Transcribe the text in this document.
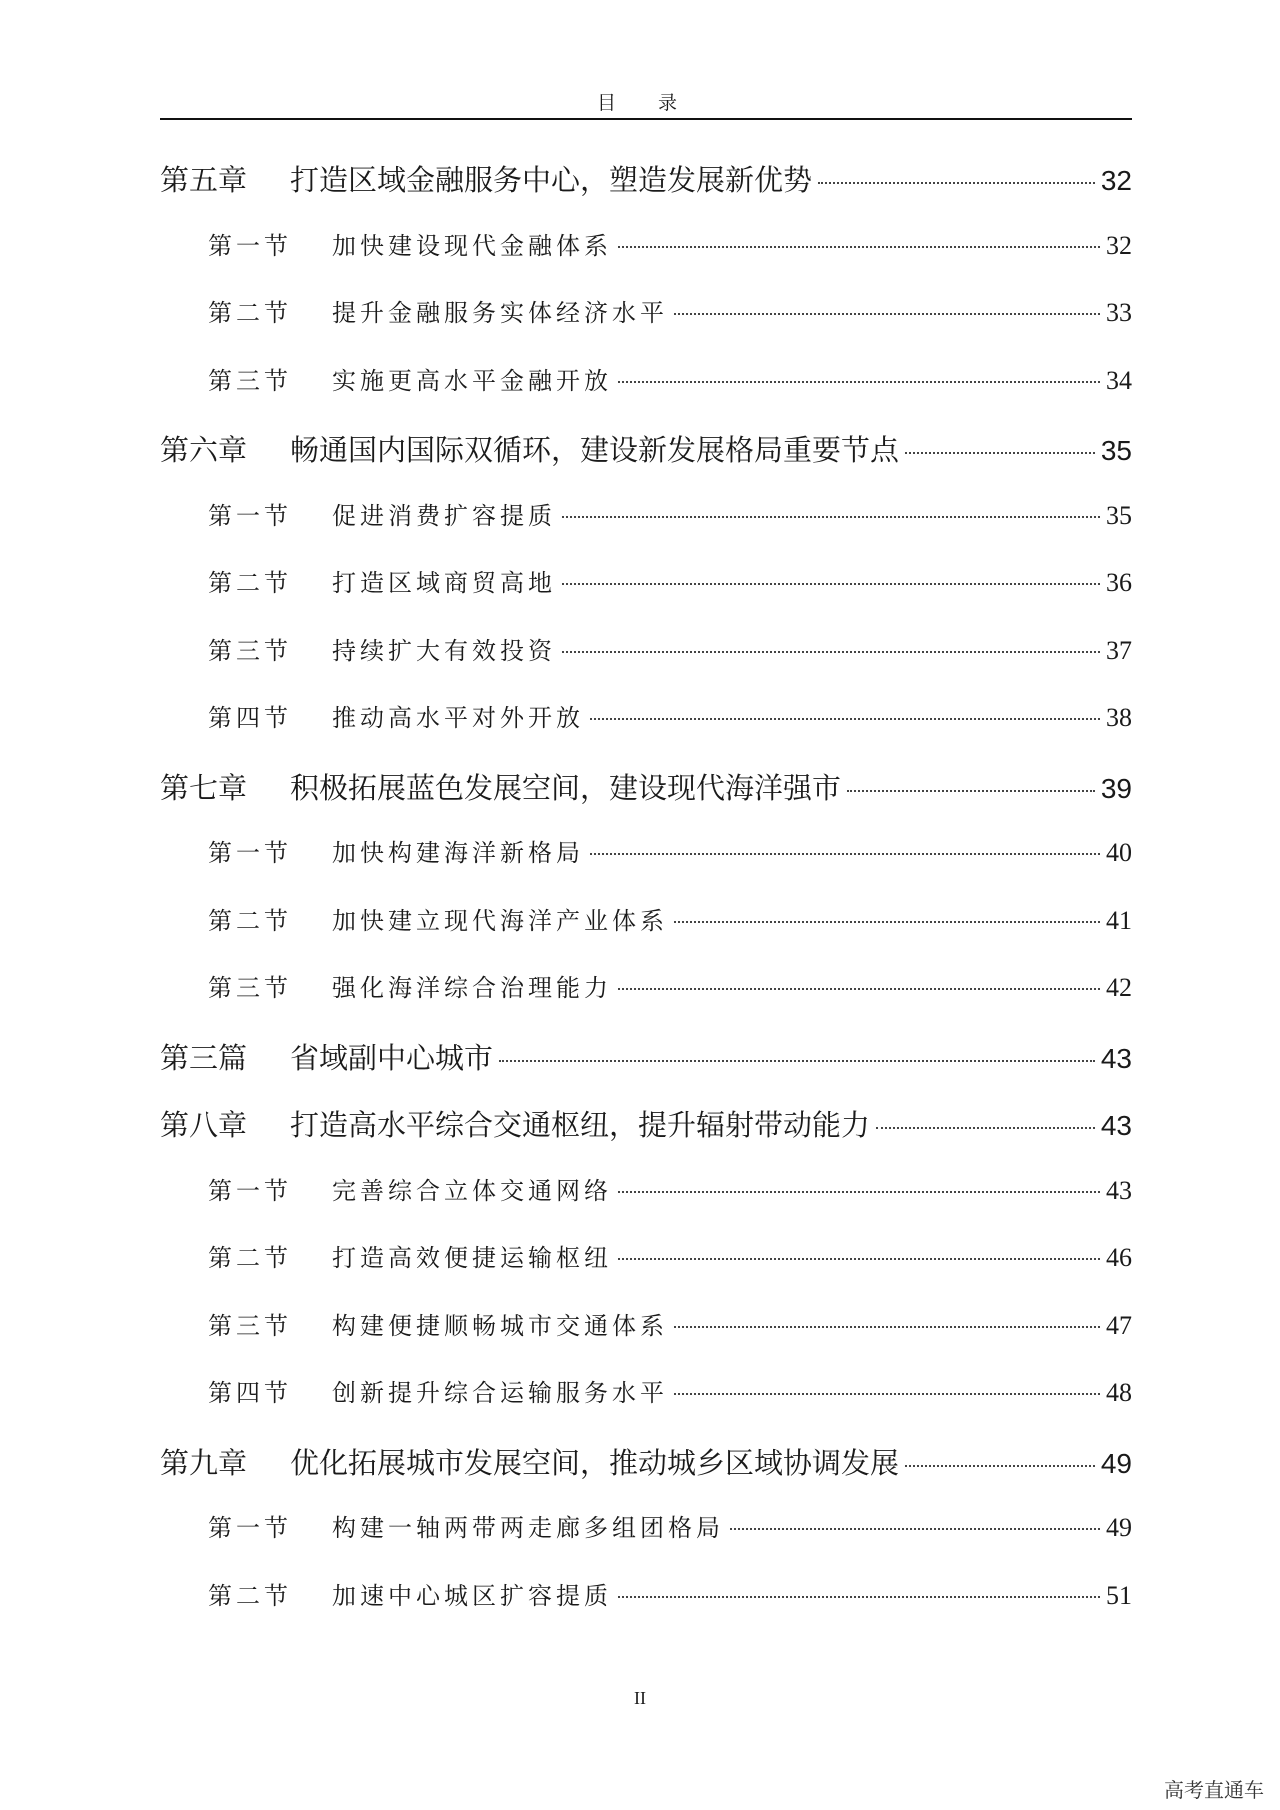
目 录
第五章	打造区域金融服务中心，塑造发展新优势	32
第一节	加快建设现代金融体系	32
第二节	提升金融服务实体经济水平	33
第三节	实施更高水平金融开放	34
第六章	畅通国内国际双循环，建设新发展格局重要节点	35
第一节	促进消费扩容提质	35
第二节	打造区域商贸高地	36
第三节	持续扩大有效投资	37
第四节	推动高水平对外开放	38
第七章	积极拓展蓝色发展空间，建设现代海洋强市	39
第一节	加快构建海洋新格局	40
第二节	加快建立现代海洋产业体系	41
第三节	强化海洋综合治理能力	42
第三篇	省域副中心城市	43
第八章	打造高水平综合交通枢纽，提升辐射带动能力	43
第一节	完善综合立体交通网络	43
第二节	打造高效便捷运输枢纽	46
第三节	构建便捷顺畅城市交通体系	47
第四节	创新提升综合运输服务水平	48
第九章	优化拓展城市发展空间，推动城乡区域协调发展	49
第一节	构建一轴两带两走廊多组团格局	49
第二节	加速中心城区扩容提质	51
II
高考直通车
